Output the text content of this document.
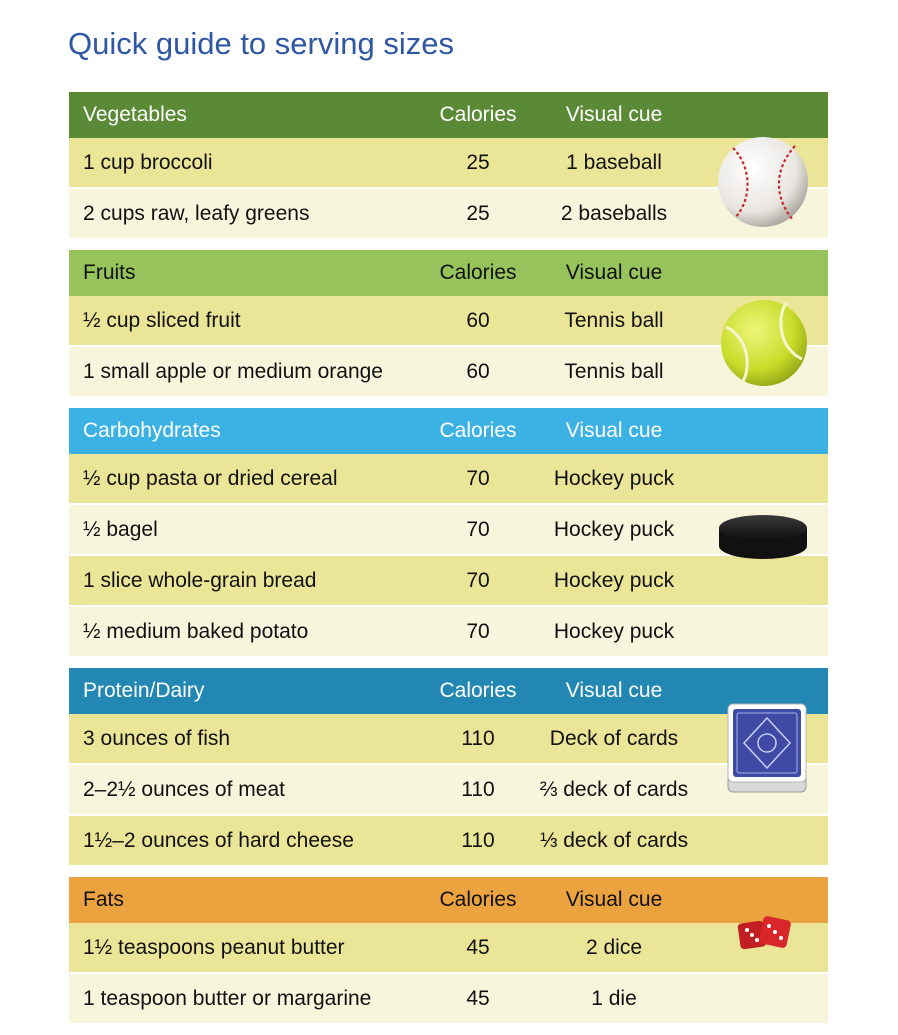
Quick guide to serving sizes
Vegetables	Calories	Visual cue
1 cup broccoli	25	1 baseball
2 cups raw, leafy greens	25	2 baseballs
Fruits	Calories	Visual cue
½ cup sliced fruit	60	Tennis ball
1 small apple or medium orange	60	Tennis ball
Carbohydrates	Calories	Visual cue
½ cup pasta or dried cereal	70	Hockey puck
½ bagel	70	Hockey puck
1 slice whole-grain bread	70	Hockey puck
½ medium baked potato	70	Hockey puck
Protein/Dairy	Calories	Visual cue
3 ounces of fish	110	Deck of cards
2–2½ ounces of meat	110	⅔ deck of cards
1½–2 ounces of hard cheese	110	⅓ deck of cards
Fats	Calories	Visual cue
1½ teaspoons peanut butter	45	2 dice
1 teaspoon butter or margarine	45	1 die
